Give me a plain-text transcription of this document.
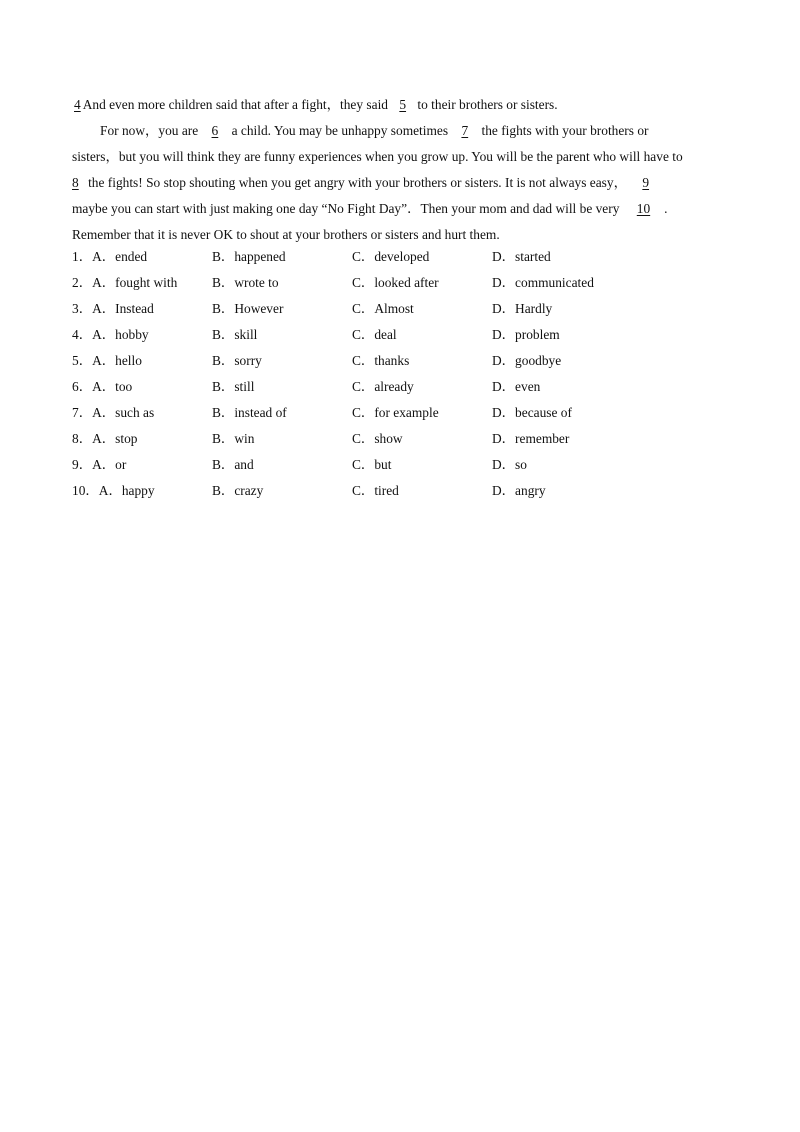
4 And even more children said that after a fight，they said 5 to their brothers or sisters.
For now，you are 6 a child. You may be unhappy sometimes 7 the fights with your brothers or
sisters，but you will think they are funny experiences when you grow up. You will be the parent who will have to
8 the fights! So stop shouting when you get angry with your brothers or sisters. It is not always easy， 9
maybe you can start with just making one day “No Fight Day”．Then your mom and dad will be very 10 .
Remember that it is never OK to shout at your brothers or sisters and hurt them.
1．A．ended	B．happened	C．developed	D．started
2．A．fought with	B．wrote to	C．looked after	D．communicated
3．A．Instead	B．However	C．Almost	D．Hardly
4．A．hobby	B．skill	C．deal	D．problem
5．A．hello	B．sorry	C．thanks	D．goodbye
6．A．too	B．still	C．already	D．even
7．A．such as	B．instead of	C．for example	D．because of
8．A．stop	B．win	C．show	D．remember
9．A．or	B．and	C．but	D．so
10．A．happy	B．crazy	C．tired	D．angry
